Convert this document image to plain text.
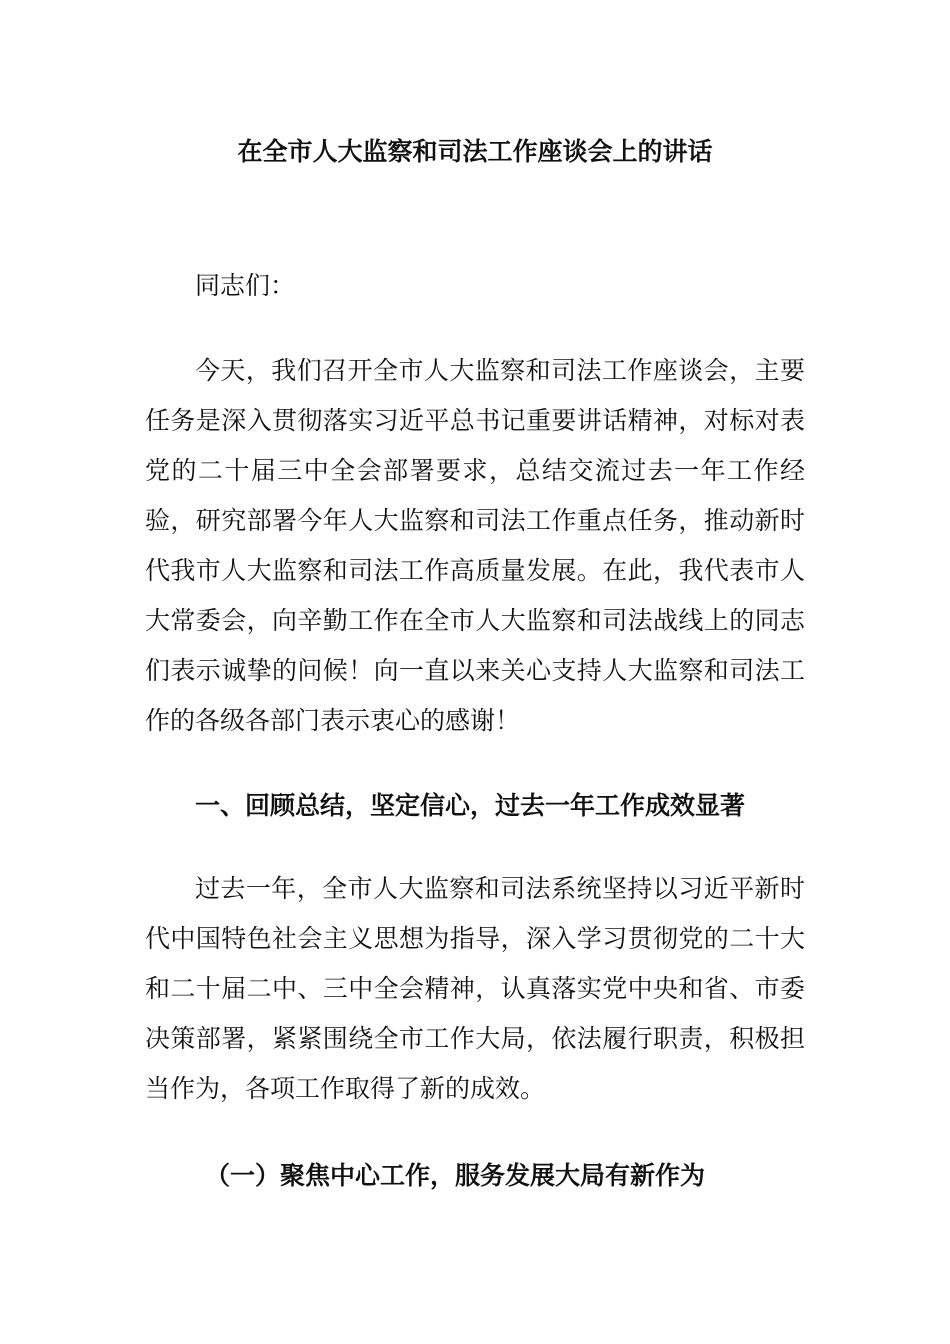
在全市人大监察和司法工作座谈会上的讲话

同志们：

今天，我们召开全市人大监察和司法工作座谈会，主要任务是深入贯彻落实习近平总书记重要讲话精神，对标对表党的二十届三中全会部署要求，总结交流过去一年工作经验，研究部署今年人大监察和司法工作重点任务，推动新时代我市人大监察和司法工作高质量发展。在此，我代表市人大常委会，向辛勤工作在全市人大监察和司法战线上的同志们表示诚挚的问候！向一直以来关心支持人大监察和司法工作的各级各部门表示衷心的感谢！

一、回顾总结，坚定信心，过去一年工作成效显著

过去一年，全市人大监察和司法系统坚持以习近平新时代中国特色社会主义思想为指导，深入学习贯彻党的二十大和二十届二中、三中全会精神，认真落实党中央和省、市委决策部署，紧紧围绕全市工作大局，依法履行职责，积极担当作为，各项工作取得了新的成效。

（一）聚焦中心工作，服务发展大局有新作为
